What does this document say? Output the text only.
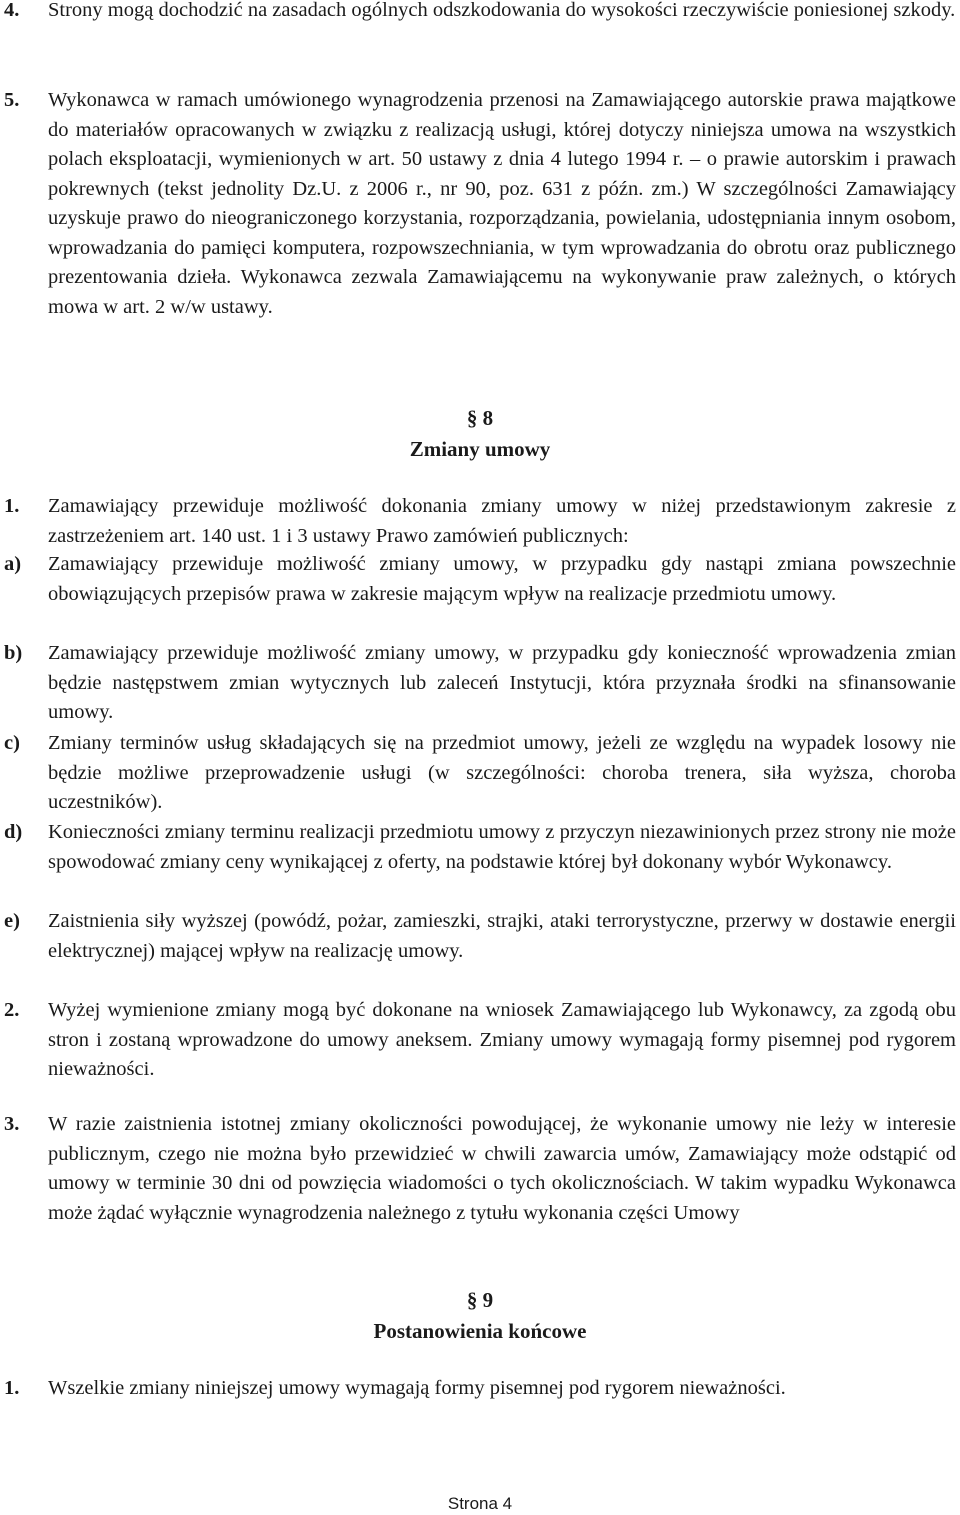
4. Strony mogą dochodzić na zasadach ogólnych odszkodowania do wysokości rzeczywiście poniesionej szkody.
5. Wykonawca w ramach umówionego wynagrodzenia przenosi na Zamawiającego autorskie prawa majątkowe do materiałów opracowanych w związku z realizacją usługi, której dotyczy niniejsza umowa na wszystkich polach eksploatacji, wymienionych w art. 50 ustawy z dnia 4 lutego 1994 r. – o prawie autorskim i prawach pokrewnych (tekst jednolity Dz.U. z 2006 r., nr 90, poz. 631 z późn. zm.) W szczególności Zamawiający uzyskuje prawo do nieograniczonego korzystania, rozporządzania, powielania, udostępniania innym osobom, wprowadzania do pamięci komputera, rozpowszechniania, w tym wprowadzania do obrotu oraz publicznego prezentowania dzieła. Wykonawca zezwala Zamawiającemu na wykonywanie praw zależnych, o których mowa w art. 2 w/w ustawy.
§ 8
Zmiany umowy
1. Zamawiający przewiduje możliwość dokonania zmiany umowy w niżej przedstawionym zakresie z zastrzeżeniem art. 140 ust. 1 i 3 ustawy Prawo zamówień publicznych:
a) Zamawiający przewiduje możliwość zmiany umowy, w przypadku gdy nastąpi zmiana powszechnie obowiązujących przepisów prawa w zakresie mającym wpływ na realizacje przedmiotu umowy.
b) Zamawiający przewiduje możliwość zmiany umowy, w przypadku gdy konieczność wprowadzenia zmian będzie następstwem zmian wytycznych lub zaleceń Instytucji, która przyznała środki na sfinansowanie umowy.
c) Zmiany terminów usług składających się na przedmiot umowy, jeżeli ze względu na wypadek losowy nie będzie możliwe przeprowadzenie usługi (w szczególności: choroba trenera, siła wyższa, choroba uczestników).
d) Konieczności zmiany terminu realizacji przedmiotu umowy z przyczyn niezawinionych przez strony nie może spowodować zmiany ceny wynikającej z oferty, na podstawie której był dokonany wybór Wykonawcy.
e) Zaistnienia siły wyższej (powódź, pożar, zamieszki, strajki, ataki terrorystyczne, przerwy w dostawie energii elektrycznej) mającej wpływ na realizację umowy.
2. Wyżej wymienione zmiany mogą być dokonane na wniosek Zamawiającego lub Wykonawcy, za zgodą obu stron i zostaną wprowadzone do umowy aneksem. Zmiany umowy wymagają formy pisemnej pod rygorem nieważności.
3. W razie zaistnienia istotnej zmiany okoliczności powodującej, że wykonanie umowy nie leży w interesie publicznym, czego nie można było przewidzieć w chwili zawarcia umów, Zamawiający może odstąpić od umowy w terminie 30 dni od powzięcia wiadomości o tych okolicznościach. W takim wypadku Wykonawca może żądać wyłącznie wynagrodzenia należnego z tytułu wykonania części Umowy
§ 9
Postanowienia końcowe
1. Wszelkie zmiany niniejszej umowy wymagają formy pisemnej pod rygorem nieważności.
Strona 4
